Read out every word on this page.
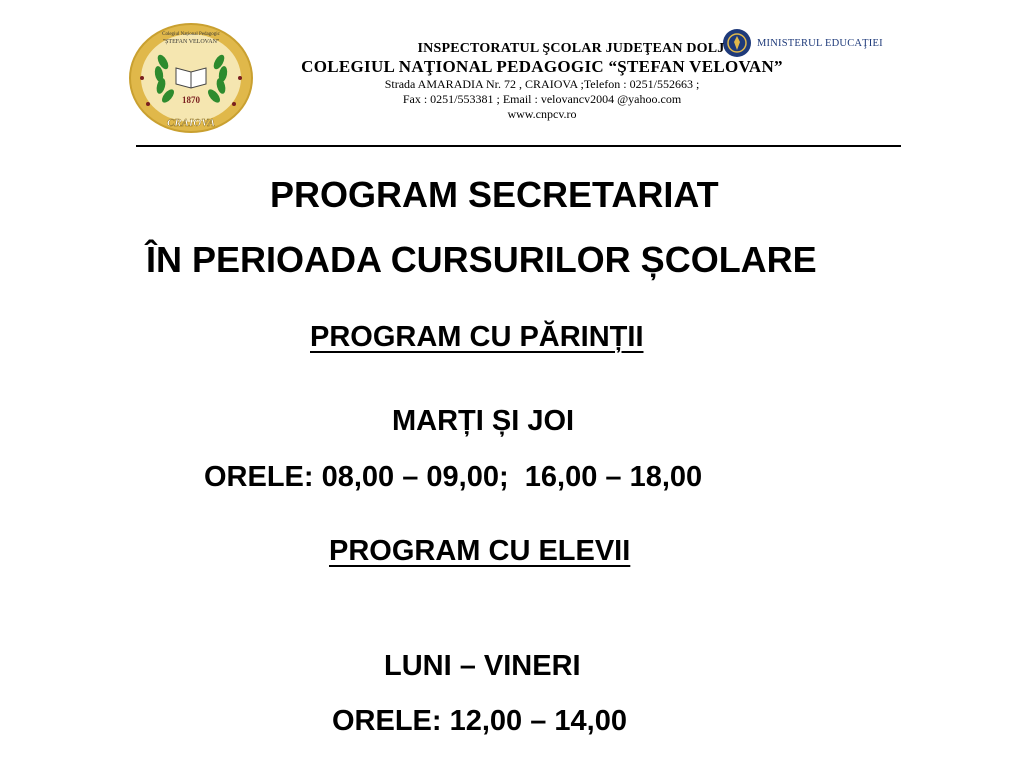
Colegiul Național Pedagogic
"ȘTEFAN VELOVAN"
1870
CRAIOVA
MINISTERUL EDUCAŢIEI
INSPECTORATUL ŞCOLAR JUDEŢEAN DOLJ
COLEGIUL NAŢIONAL PEDAGOGIC “ŞTEFAN VELOVAN”
Strada AMARADIA Nr. 72 , CRAIOVA ;Telefon : 0251/552663 ;
Fax : 0251/553381 ; Email : velovancv2004 @yahoo.com
www.cnpcv.ro
PROGRAM SECRETARIAT
ÎN PERIOADA CURSURILOR ȘCOLARE
PROGRAM CU PĂRINȚII
MARȚI ȘI JOI
ORELE: 08,00 – 09,00;  16,00 – 18,00
PROGRAM CU ELEVII
LUNI – VINERI
ORELE: 12,00 – 14,00
